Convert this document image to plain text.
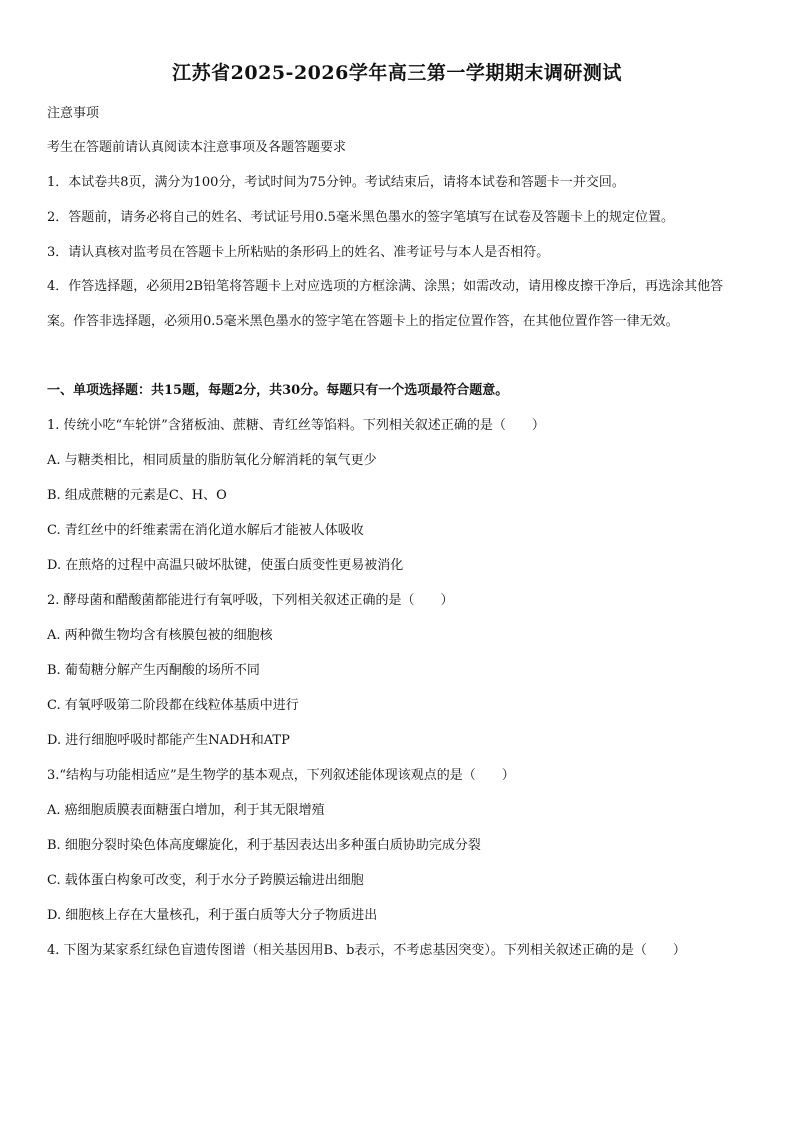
江苏省2025-2026学年高三第一学期期末调研测试
注意事项
考生在答题前请认真阅读本注意事项及各题答题要求
1．本试卷共8页，满分为100分，考试时间为75分钟。考试结束后，请将本试卷和答题卡一并交回。
2．答题前，请务必将自己的姓名、考试证号用0.5毫米黑色墨水的签字笔填写在试卷及答题卡上的规定位置。
3．请认真核对监考员在答题卡上所粘贴的条形码上的姓名、准考证号与本人是否相符。
4．作答选择题，必须用2B铅笔将答题卡上对应选项的方框涂满、涂黑；如需改动，请用橡皮擦干净后，再选涂其他答案。作答非选择题，必须用0.5毫米黑色墨水的签字笔在答题卡上的指定位置作答，在其他位置作答一律无效。
一、单项选择题：共15题，每题2分，共30分。每题只有一个选项最符合题意。
1. 传统小吃“车轮饼”含猪板油、蔗糖、青红丝等馅料。下列相关叙述正确的是（　　）
A. 与糖类相比，相同质量的脂肪氧化分解消耗的氧气更少
B. 组成蔗糖的元素是C、H、O
C. 青红丝中的纤维素需在消化道水解后才能被人体吸收
D. 在煎烙的过程中高温只破坏肽键，使蛋白质变性更易被消化
2. 酵母菌和醋酸菌都能进行有氧呼吸，下列相关叙述正确的是（　　）
A. 两种微生物均含有核膜包被的细胞核
B. 葡萄糖分解产生丙酮酸的场所不同
C. 有氧呼吸第二阶段都在线粒体基质中进行
D. 进行细胞呼吸时都能产生NADH和ATP
3.“结构与功能相适应”是生物学的基本观点，下列叙述能体现该观点的是（　　）
A. 癌细胞质膜表面糖蛋白增加，利于其无限增殖
B. 细胞分裂时染色体高度螺旋化，利于基因表达出多种蛋白质协助完成分裂
C. 载体蛋白构象可改变，利于水分子跨膜运输进出细胞
D. 细胞核上存在大量核孔，利于蛋白质等大分子物质进出
4. 下图为某家系红绿色盲遗传图谱（相关基因用B、b表示，不考虑基因突变）。下列相关叙述正确的是（　　）
